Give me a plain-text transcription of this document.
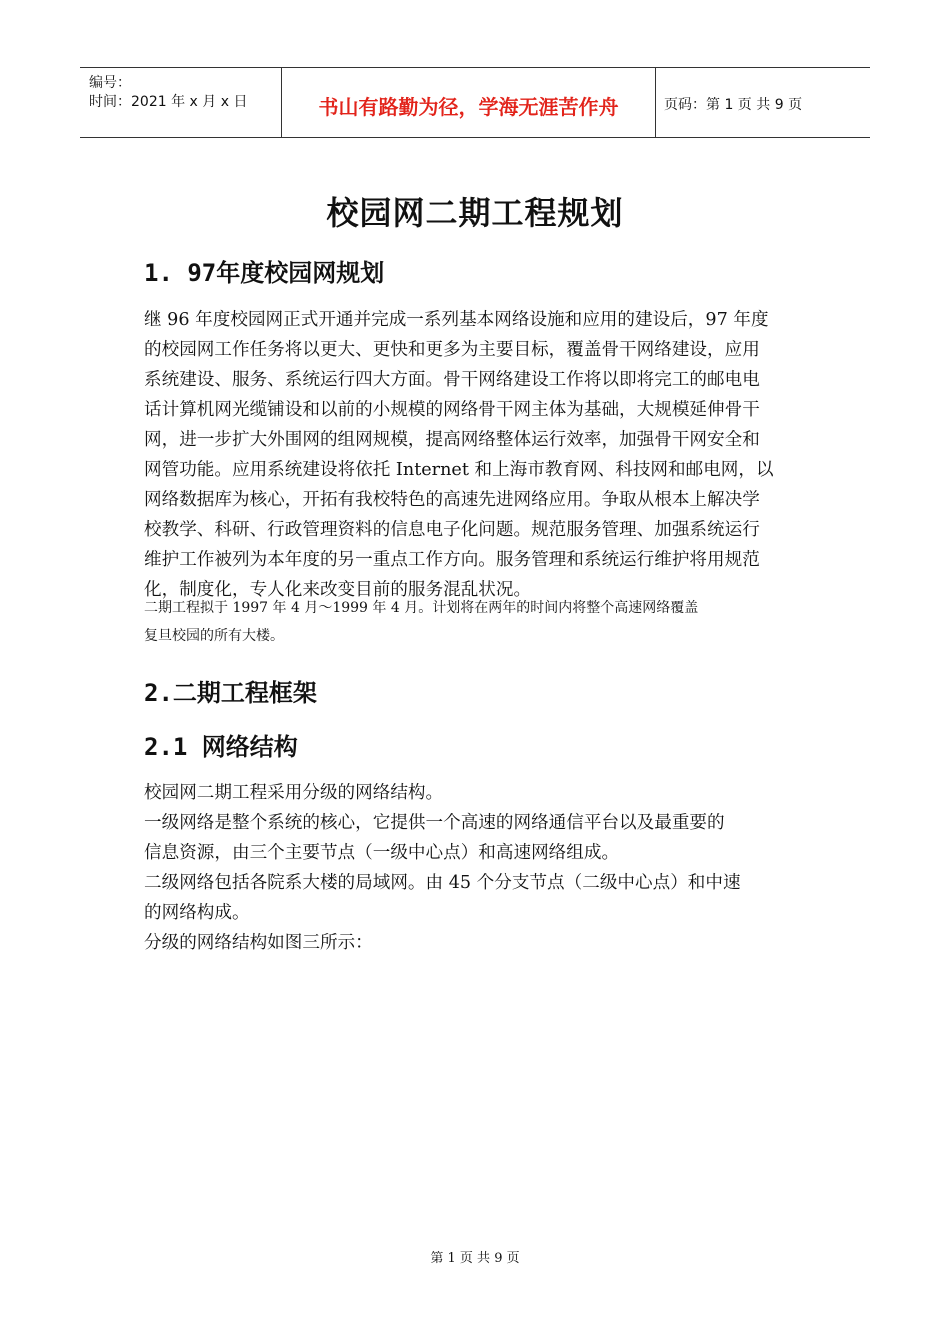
编号：
时间：2021 年 x 月 x 日	书山有路勤为径，学海无涯苦作舟	页码：第 1 页 共 9 页
校园网二期工程规划
1. 97年度校园网规划
继 96 年度校园网正式开通并完成一系列基本网络设施和应用的建设后，97 年度
的校园网工作任务将以更大、更快和更多为主要目标，覆盖骨干网络建设，应用
系统建设、服务、系统运行四大方面。骨干网络建设工作将以即将完工的邮电电
话计算机网光缆铺设和以前的小规模的网络骨干网主体为基础，大规模延伸骨干
网，进一步扩大外围网的组网规模，提高网络整体运行效率，加强骨干网安全和
网管功能。应用系统建设将依托 Internet 和上海市教育网、科技网和邮电网，以
网络数据库为核心，开拓有我校特色的高速先进网络应用。争取从根本上解决学
校教学、科研、行政管理资料的信息电子化问题。规范服务管理、加强系统运行
维护工作被列为本年度的另一重点工作方向。服务管理和系统运行维护将用规范
化，制度化，专人化来改变目前的服务混乱状况。
二期工程拟于 1997 年 4 月～1999 年 4 月。计划将在两年的时间内将整个高速网络覆盖
复旦校园的所有大楼。
2.二期工程框架
2.1 网络结构
校园网二期工程采用分级的网络结构。
一级网络是整个系统的核心，它提供一个高速的网络通信平台以及最重要的
信息资源，由三个主要节点（一级中心点）和高速网络组成。
二级网络包括各院系大楼的局域网。由 45 个分支节点（二级中心点）和中速
的网络构成。
分级的网络结构如图三所示：
第 1 页 共 9 页
